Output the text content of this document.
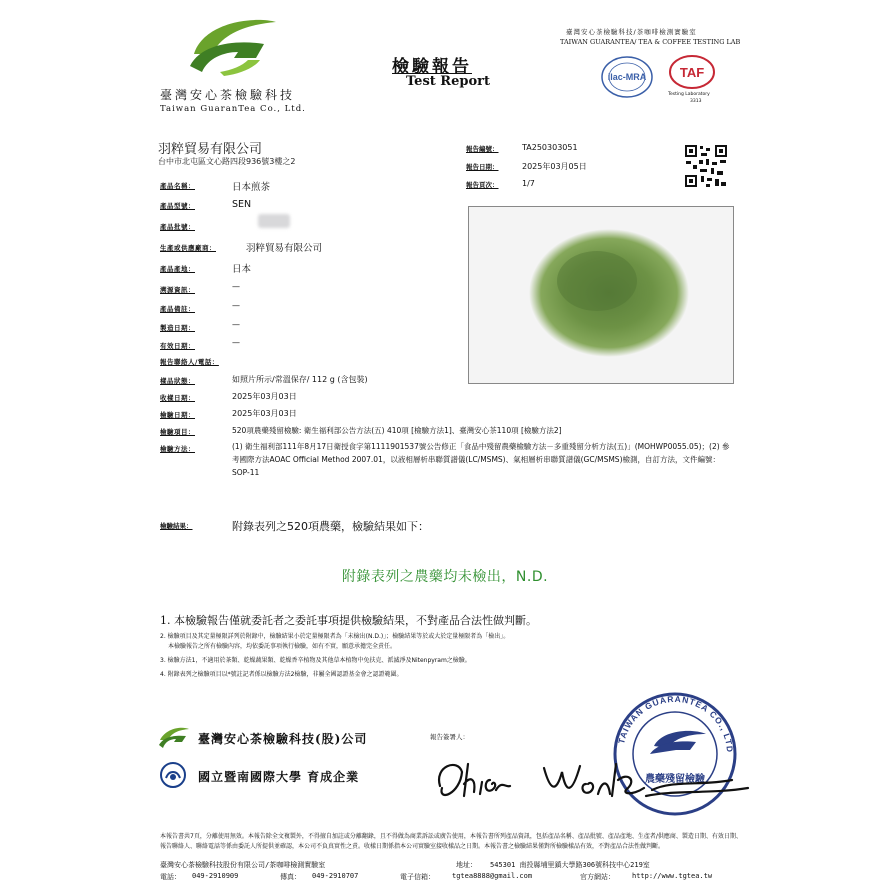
臺灣安心茶檢驗科技
Taiwan GuaranTea Co., Ltd.
檢驗報告
Test Report
臺灣安心茶檢驗科技/茶咖啡檢測實驗室
TAIWAN GUARANTEA/ TEA & COFFEE TESTING LAB
ilac-MRA	TAF
Testing Laboratory
3313
羽粹貿易有限公司
台中市北屯區文心路四段936號3樓之2
報告編號：	TA250303051
報告日期：	2025年03月05日
報告頁次：	1/7
產品名稱：	日本煎茶
產品型號：	SEN
產品批號：
生產或供應廠商：	羽粹貿易有限公司
產品產地：	日本
溯源資訊：	—
產品備註：	—
製造日期：	—
有效日期：	—
報告聯絡人/電話：
樣品狀態：	如照片所示/常溫保存/ 112 g (含包裝)
收樣日期：	2025年03月03日
檢驗日期：	2025年03月03日
檢驗項目：	520項農藥殘留檢驗: 衛生福利部公告方法(五) 410項 [檢驗方法1]、臺灣安心茶110項 [檢驗方法2]
檢驗方法：	(1) 衛生福利部111年8月17日衛授食字第1111901537號公告修正「食品中殘留農藥檢驗方法－多重殘留分析方法(五)」(MOHWP0055.05)；(2) 參考國際方法AOAC Official Method 2007.01，以液相層析串聯質譜儀(LC/MSMS)、氣相層析串聯質譜儀(GC/MSMS)檢測，自訂方法，文件編號：SOP-11
檢驗結果：	附錄表列之520項農藥，檢驗結果如下：
附錄表列之農藥均未檢出，N.D.
1. 本檢驗報告僅就委託者之委託事項提供檢驗結果，不對產品合法性做判斷。
2. 檢驗項目及其定量極限詳列於附錄中，檢驗結果小於定量極限者為「未檢出(N.D.)」；檢驗結果等於或大於定量極限者為「檢出」。
本檢驗報告之所有檢驗內容，均依委託事項執行檢驗，如有不實，願意承擔完全責任。
3. 檢驗方法1，不適用於茶類、乾燥蔬果類、乾燥香辛植物及其他草本植物中免扶克、派滅淨及Nitenpyram之檢驗。
4. 附錄表列之檢驗項目以*號註記者係以檢驗方法2檢驗，非屬全國認證基金會之認證範圍。
臺灣安心茶檢驗科技(股)公司	報告簽署人：
國立暨南國際大學 育成企業
TAIWAN GUARANTEA CO., LTD
農藥殘留檢驗
本報告書共7頁，分離使用無效。本報告除全文複製外，不得擅自加註或分離翻錄，且不得做為商業訴訟或廣告使用，本報告書所列產品資訊，包括產品名稱、產品批號、產品產地、生產者/供應商、製造日期、有效日期、報告聯絡人、聯絡電話等係由委託人所提供並確認，本公司不負真實性之責。收樣日期係指本公司實驗室接收樣品之日期。本報告書之檢驗結果僅對所檢驗樣品有效，不對產品合法性做判斷。
臺灣安心茶檢驗科技股份有限公司/茶咖啡檢測實驗室	地址： 545301 南投縣埔里鎮大學路306號科技中心219室
電話： 049-2910909	傳真： 049-2910707	電子信箱： tgtea8888@gmail.com	官方網站： http://www.tgtea.tw
